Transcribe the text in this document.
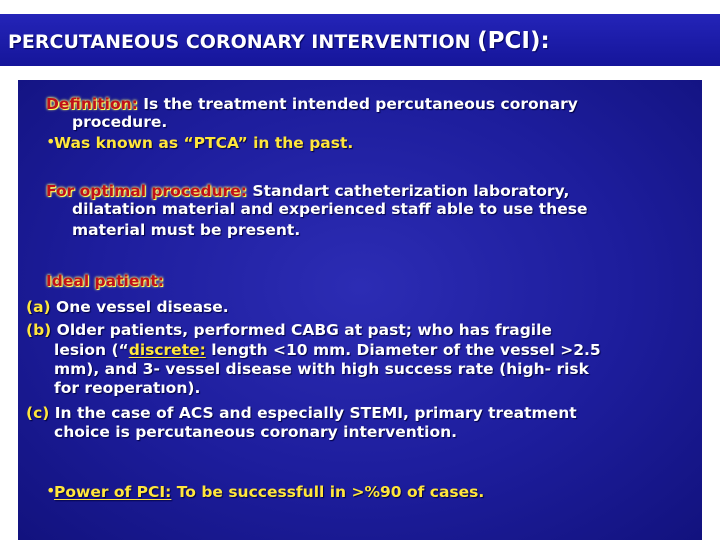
PERCUTANEOUS CORONARY INTERVENTION (PCI):
Definition: Is the treatment intended percutaneous coronary
procedure.
•
Was known as “PTCA” in the past.
For optimal procedure: Standart catheterization laboratory,
dilatation material and experienced staff able to use these
material must be present.
Ideal patient:
(a) One vessel disease.
(b) Older patients, performed CABG at past; who has fragile
lesion (“discrete: length <10 mm. Diameter of the vessel >2.5
mm), and 3- vessel disease with high success rate (high- risk
for reoperatıon).
(c) In the case of ACS and especially STEMI, primary treatment
choice is percutaneous coronary intervention.
•
Power of PCI: To be successfull in >%90 of cases.
